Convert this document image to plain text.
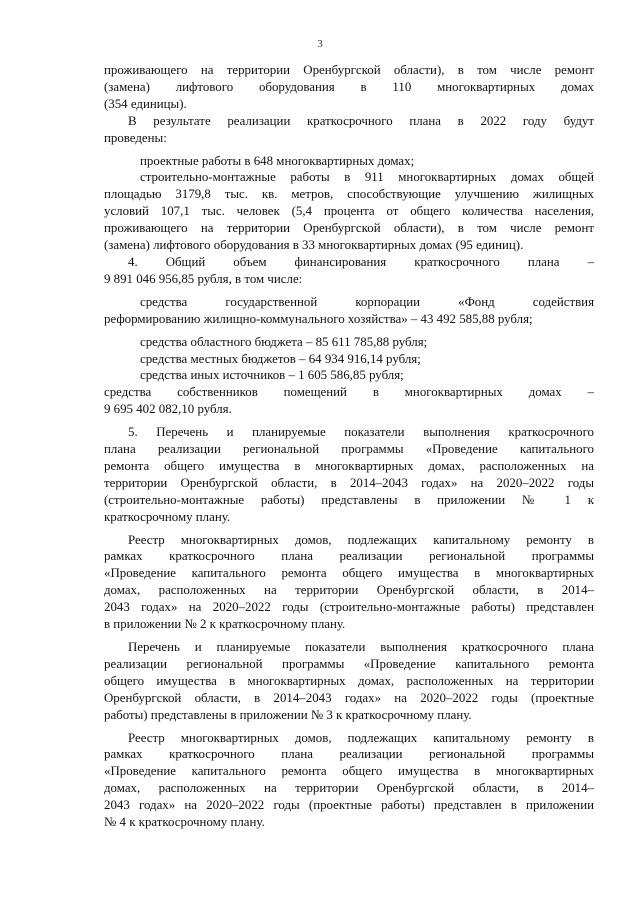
3

проживающего на территории Оренбургской области), в том числе ремонт
(замена) лифтового оборудования в 110 многоквартирных домах
(354 единицы).

В результате реализации краткосрочного плана в 2022 году будут
проведены:

проектные работы в 648 многоквартирных домах;

строительно-монтажные работы в 911 многоквартирных домах общей
площадью 3179,8 тыс. кв. метров, способствующие улучшению жилищных
условий 107,1 тыс. человек (5,4 процента от общего количества населения,
проживающего на территории Оренбургской области), в том числе ремонт
(замена) лифтового оборудования в 33 многоквартирных домах (95 единиц).

4. Общий объем финансирования краткосрочного плана –
9 891 046 956,85 рубля, в том числе:

средства государственной корпорации «Фонд содействия
реформированию жилищно-коммунального хозяйства» – 43 492 585,88 рубля;

средства областного бюджета – 85 611 785,88 рубля;

средства местных бюджетов – 64 934 916,14 рубля;

средства иных источников – 1 605 586,85 рубля;

средства собственников помещений в многоквартирных домах –
9 695 402 082,10 рубля.

5. Перечень и планируемые показатели выполнения краткосрочного
плана реализации региональной программы «Проведение капитального
ремонта общего имущества в многоквартирных домах, расположенных на
территории Оренбургской области, в 2014–2043 годах» на 2020–2022 годы
(строительно-монтажные работы) представлены в приложении № 1 к
краткосрочному плану.

Реестр многоквартирных домов, подлежащих капитальному ремонту в
рамках краткосрочного плана реализации региональной программы
«Проведение капитального ремонта общего имущества в многоквартирных
домах, расположенных на территории Оренбургской области, в 2014–
2043 годах» на 2020–2022 годы (строительно-монтажные работы) представлен
в приложении № 2 к краткосрочному плану.

Перечень и планируемые показатели выполнения краткосрочного плана
реализации региональной программы «Проведение капитального ремонта
общего имущества в многоквартирных домах, расположенных на территории
Оренбургской области, в 2014–2043 годах» на 2020–2022 годы (проектные
работы) представлены в приложении № 3 к краткосрочному плану.

Реестр многоквартирных домов, подлежащих капитальному ремонту в
рамках краткосрочного плана реализации региональной программы
«Проведение капитального ремонта общего имущества в многоквартирных
домах, расположенных на территории Оренбургской области, в 2014–
2043 годах» на 2020–2022 годы (проектные работы) представлен в приложении
№ 4 к краткосрочному плану.
